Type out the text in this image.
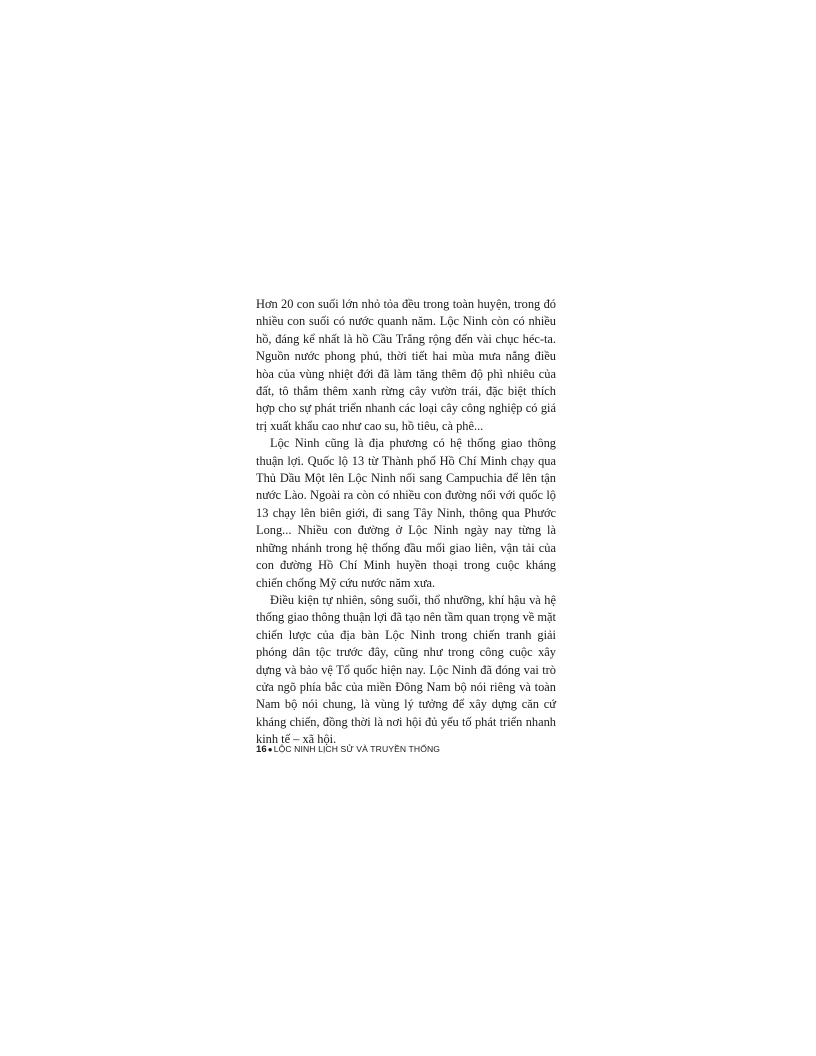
Hơn 20 con suối lớn nhỏ tỏa đều trong toàn huyện, trong đó nhiều con suối có nước quanh năm. Lộc Ninh còn có nhiều hồ, đáng kể nhất là hồ Cầu Trắng rộng đến vài chục héc-ta. Nguồn nước phong phú, thời tiết hai mùa mưa nắng điều hòa của vùng nhiệt đới đã làm tăng thêm độ phì nhiêu của đất, tô thắm thêm xanh rừng cây vườn trái, đặc biệt thích hợp cho sự phát triển nhanh các loại cây công nghiệp có giá trị xuất khẩu cao như cao su, hồ tiêu, cà phê...

Lộc Ninh cũng là địa phương có hệ thống giao thông thuận lợi. Quốc lộ 13 từ Thành phố Hồ Chí Minh chạy qua Thủ Dầu Một lên Lộc Ninh nối sang Campuchia để lên tận nước Lào. Ngoài ra còn có nhiều con đường nối với quốc lộ 13 chạy lên biên giới, đi sang Tây Ninh, thông qua Phước Long... Nhiều con đường ở Lộc Ninh ngày nay từng là những nhánh trong hệ thống đầu mối giao liên, vận tải của con đường Hồ Chí Minh huyền thoại trong cuộc kháng chiến chống Mỹ cứu nước năm xưa.

Điều kiện tự nhiên, sông suối, thổ nhưỡng, khí hậu và hệ thống giao thông thuận lợi đã tạo nên tầm quan trọng về mặt chiến lược của địa bàn Lộc Ninh trong chiến tranh giải phóng dân tộc trước đây, cũng như trong công cuộc xây dựng và bảo vệ Tổ quốc hiện nay. Lộc Ninh đã đóng vai trò cửa ngõ phía bắc của miền Đông Nam bộ nói riêng và toàn Nam bộ nói chung, là vùng lý tưởng để xây dựng căn cứ kháng chiến, đồng thời là nơi hội đủ yếu tố phát triển nhanh kinh tế – xã hội.

16●LỘC NINH LỊCH SỬ VÀ TRUYỀN THỐNG
